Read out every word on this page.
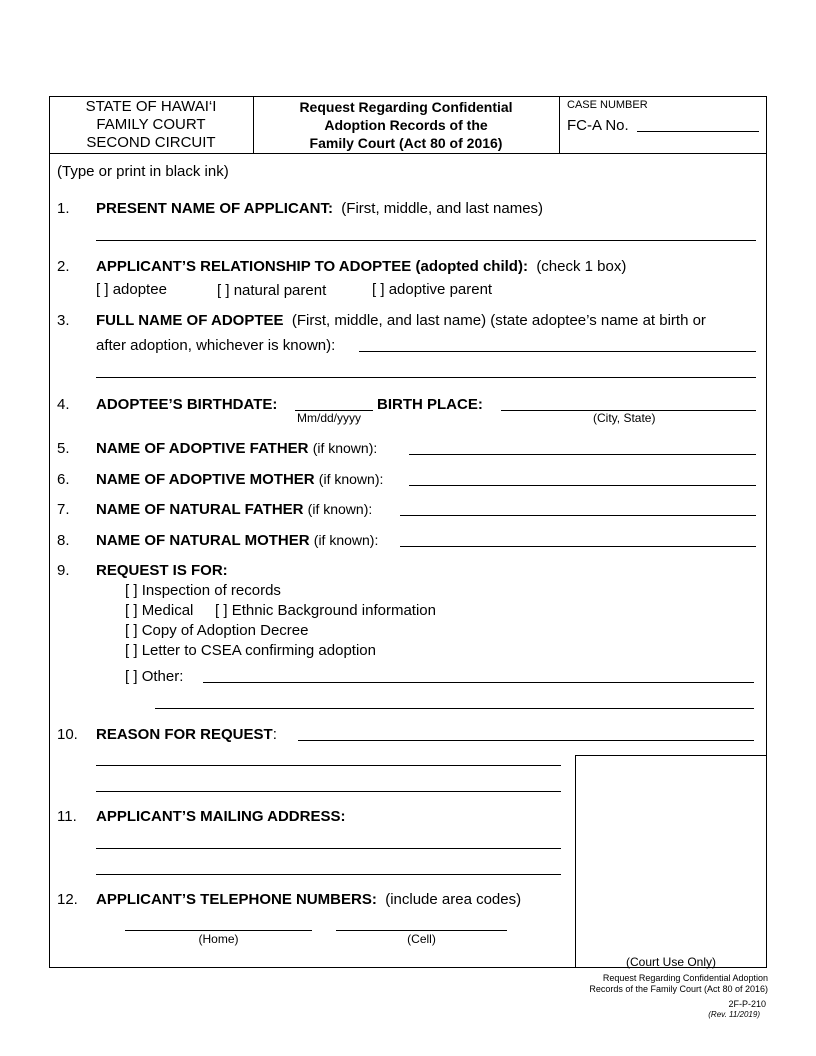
STATE OF HAWAI‘I
FAMILY COURT
SECOND CIRCUIT
Request Regarding Confidential
Adoption Records of the
Family Court (Act 80 of 2016)
CASE NUMBER
FC-A No.
(Type or print in black ink)
1. PRESENT NAME OF APPLICANT: (First, middle, and last names)
2. APPLICANT’S RELATIONSHIP TO ADOPTEE (adopted child): (check 1 box)
[ ] adoptee	[ ] natural parent	[ ] adoptive parent
3. FULL NAME OF ADOPTEE (First, middle, and last name) (state adoptee’s name at birth or
after adoption, whichever is known):
4. ADOPTEE’S BIRTHDATE:
Mm/dd/yyyy
BIRTH PLACE:
(City, State)
5. NAME OF ADOPTIVE FATHER (if known):
6. NAME OF ADOPTIVE MOTHER (if known):
7. NAME OF NATURAL FATHER (if known):
8. NAME OF NATURAL MOTHER (if known):
9. REQUEST IS FOR:
[ ] Inspection of records
[ ] Medical [ ] Ethnic Background information
[ ] Copy of Adoption Decree
[ ] Letter to CSEA confirming adoption
[ ] Other:
10. REASON FOR REQUEST:
(Court Use Only)
11. APPLICANT’S MAILING ADDRESS:
12. APPLICANT’S TELEPHONE NUMBERS: (include area codes)
(Home)	(Cell)
Request Regarding Confidential Adoption
Records of the Family Court (Act 80 of 2016)
2F-P-210
(Rev. 11/2019)
